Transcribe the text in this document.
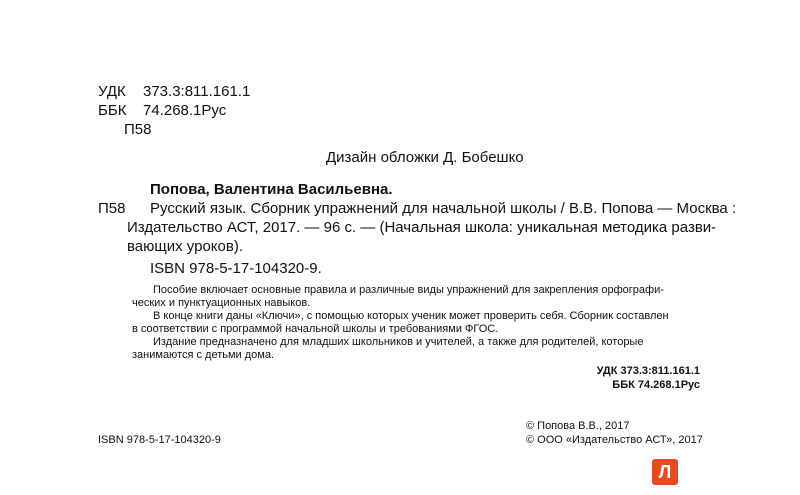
УДК 373.3:811.161.1
ББК 74.268.1Рус
П58
Дизайн обложки Д. Бобешко
Попова, Валентина Васильевна.
П58 Русский язык. Сборник упражнений для начальной школы / В.В. Попова — Москва :
Издательство АСТ, 2017. — 96 с. — (Начальная школа: уникальная методика разви-
вающих уроков).
ISBN 978-5-17-104320-9.
Пособие включает основные правила и различные виды упражнений для закрепления орфографи-
ческих и пунктуационных навыков.
В конце книги даны «Ключи», с помощью которых ученик может проверить себя. Сборник составлен
в соответствии с программой начальной школы и требованиями ФГОС.
Издание предназначено для младших школьников и учителей, а также для родителей, которые
занимаются с детьми дома.
УДК 373.3:811.161.1
ББК 74.268.1Рус
© Попова В.В., 2017
ISBN 978-5-17-104320-9	© ООО «Издательство АСТ», 2017
Л
